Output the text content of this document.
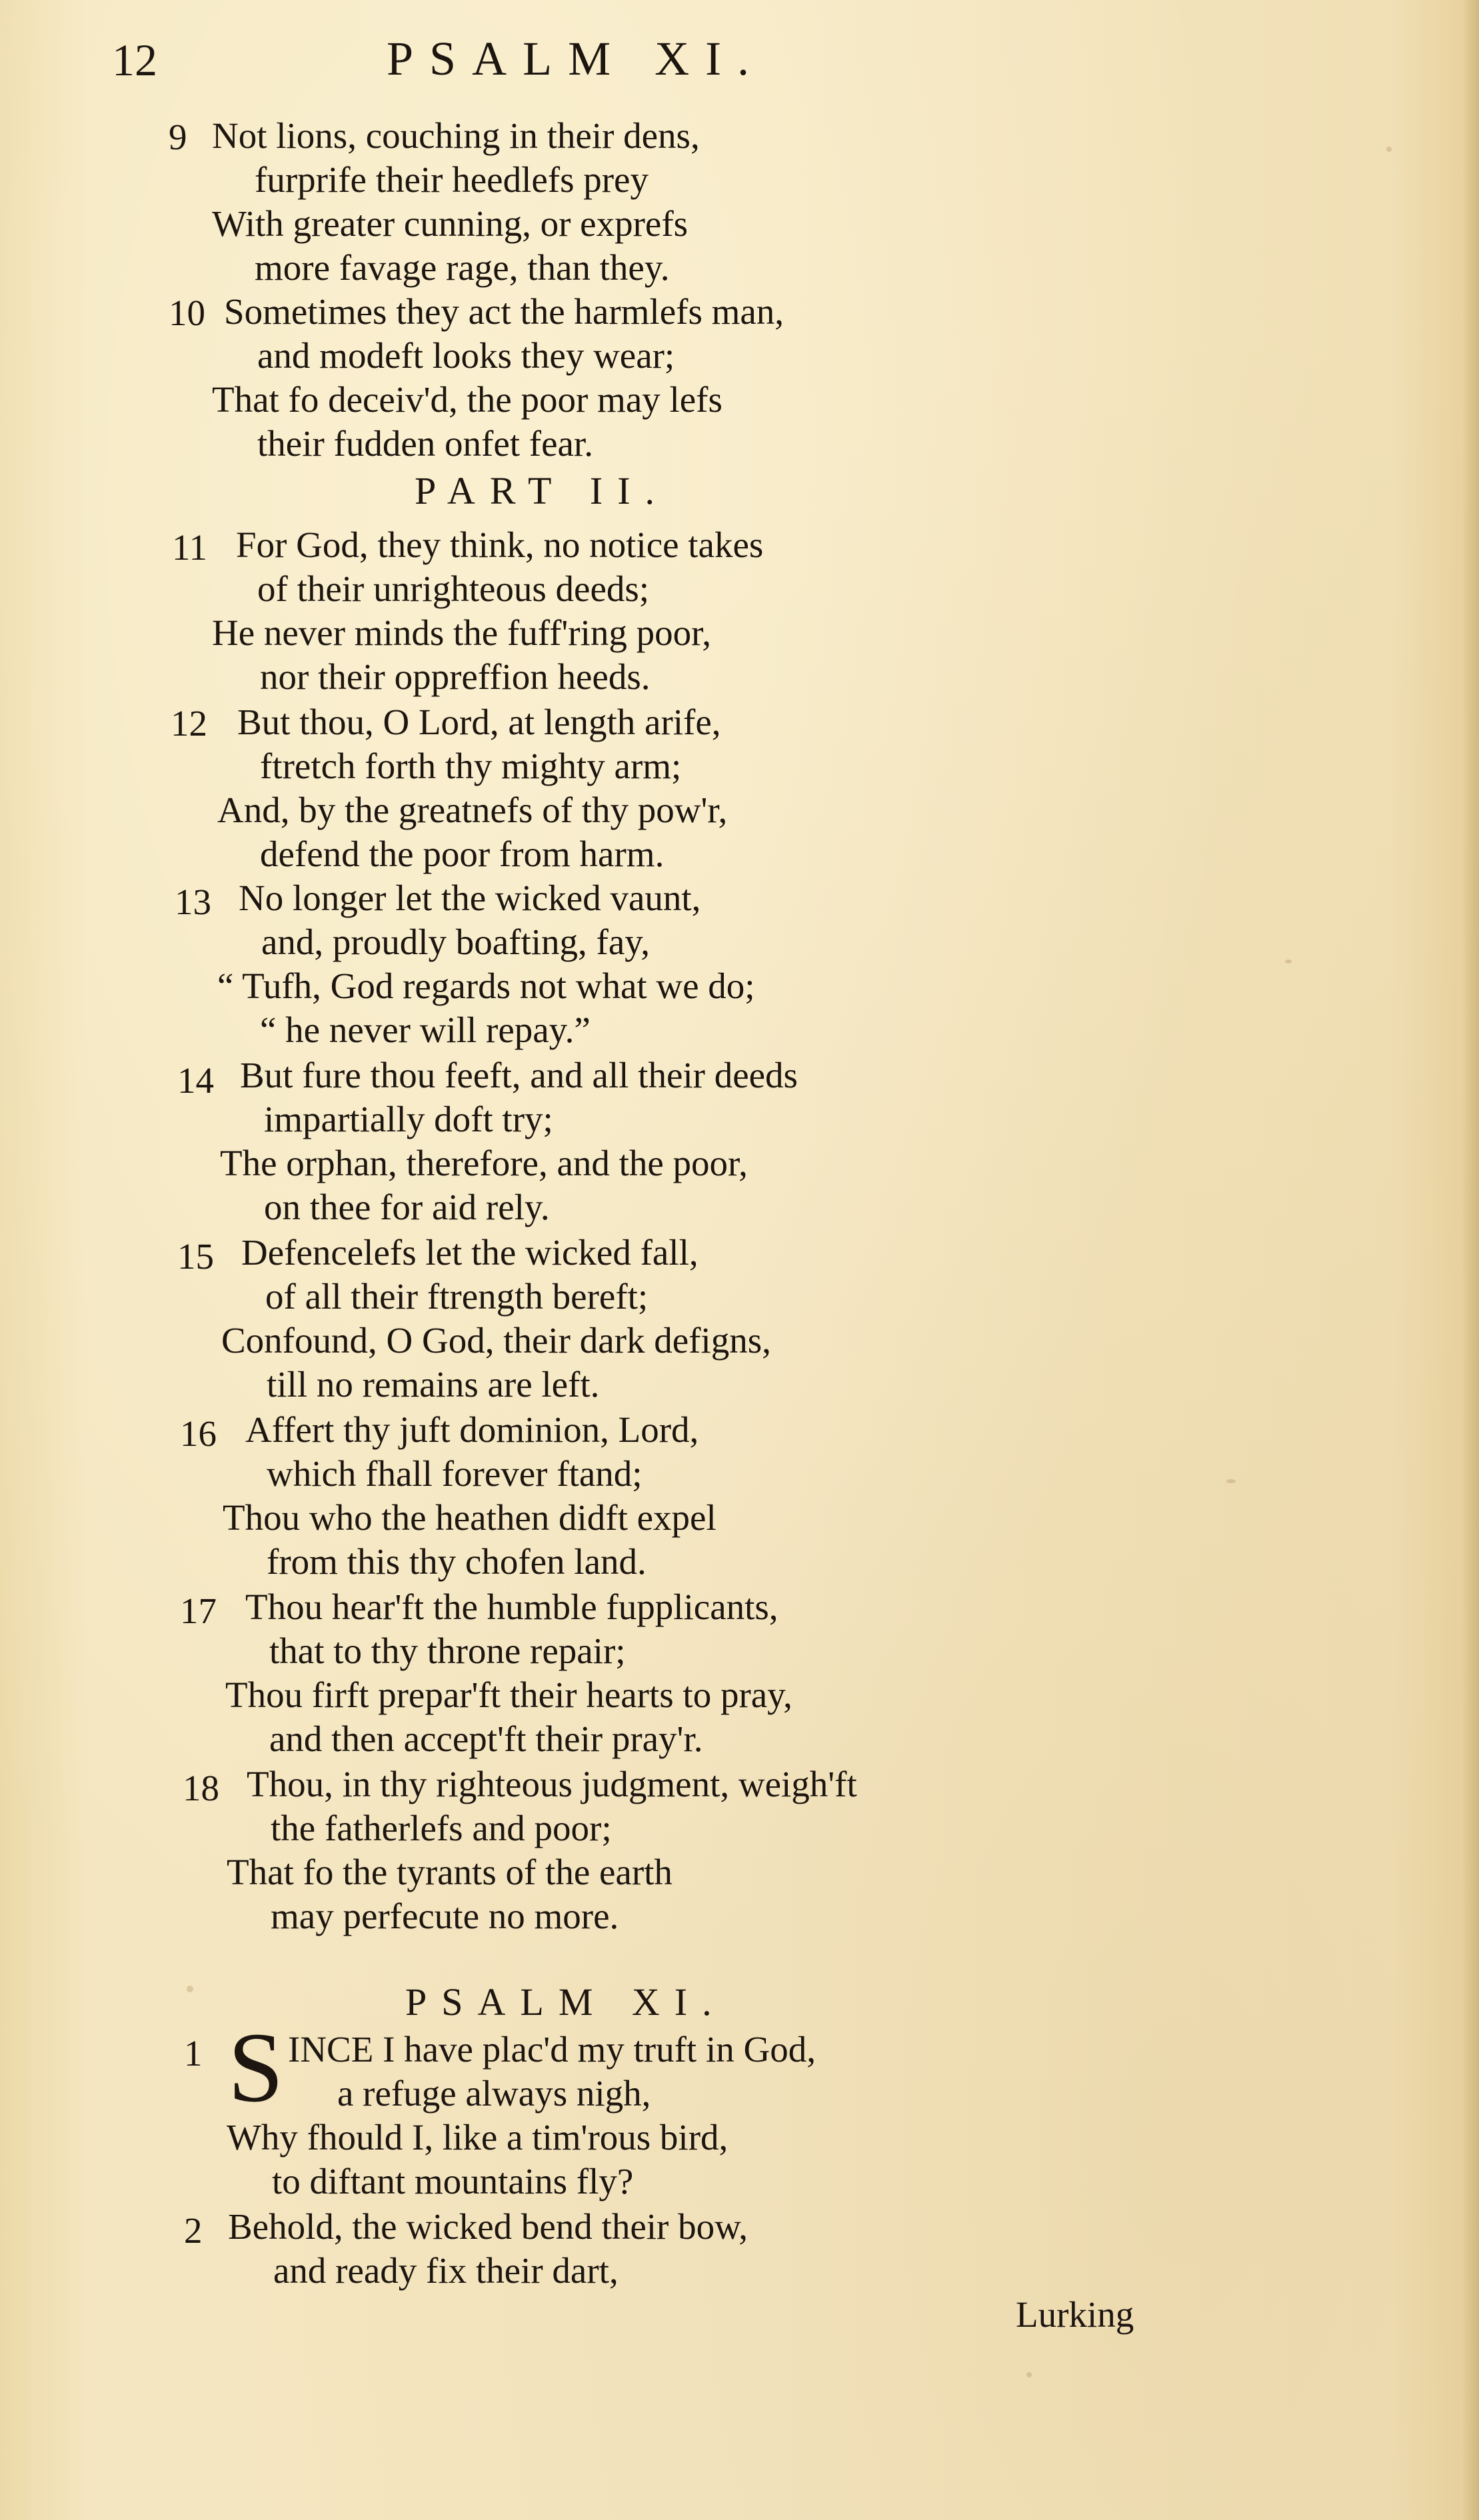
12	PSALM XI.
9 Not lions, couching in their dens,
furprife their heedlefs prey
With greater cunning, or exprefs
more favage rage, than they.
10 Sometimes they act the harmlefs man,
and modeft looks they wear;
That fo deceiv'd, the poor may lefs
their fudden onfet fear.
PART II.
11 For God, they think, no notice takes
of their unrighteous deeds;
He never minds the fuff'ring poor,
nor their oppreffion heeds.
12 But thou, O Lord, at length arife,
ftretch forth thy mighty arm;
And, by the greatnefs of thy pow'r,
defend the poor from harm.
13 No longer let the wicked vaunt,
and, proudly boafting, fay,
“ Tufh, God regards not what we do;
“ he never will repay.”
14 But fure thou feeft, and all their deeds
impartially doft try;
The orphan, therefore, and the poor,
on thee for aid rely.
15 Defencelefs let the wicked fall,
of all their ftrength bereft;
Confound, O God, their dark defigns,
till no remains are left.
16 Affert thy juft dominion, Lord,
which fhall forever ftand;
Thou who the heathen didft expel
from this thy chofen land.
17 Thou hear'ft the humble fupplicants,
that to thy throne repair;
Thou firft prepar'ft their hearts to pray,
and then accept'ft their pray'r.
18 Thou, in thy righteous judgment, weigh'ft
the fatherlefs and poor;
That fo the tyrants of the earth
may perfecute no more.
PSALM XI.
1 S INCE I have plac'd my truft in God,
a refuge always nigh,
Why fhould I, like a tim'rous bird,
to diftant mountains fly?
2 Behold, the wicked bend their bow,
and ready fix their dart,
Lurking
